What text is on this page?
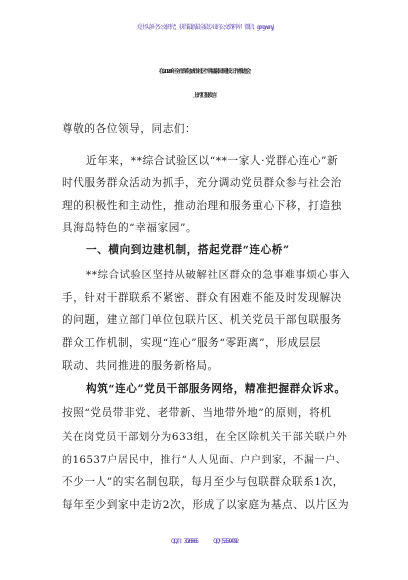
关注头条号"公文研究"，获得最新最全最专业的公文资料库！ 微信：gongwenyj
在2024年全市深化城市社区“幸福家园”建设工作推进会
上的汇报发言
尊敬的各位领导，同志们：
近年来，**综合试验区以“**一家人·党群心连心”新
时代服务群众活动为抓手，充分调动党员群众参与社会治
理的积极性和主动性，推动治理和服务重心下移，打造独
具海岛特色的“幸福家园”。
一、横向到边建机制，搭起党群“连心桥”
**综合试验区坚持从破解社区群众的急事难事烦心事入
手，针对干群联系不紧密、群众有困难不能及时发现解决
的问题，建立部门单位包联片区、机关党员干部包联服务
群众工作机制，实现“连心”服务“零距离”，形成层层
联动、共同推进的服务新格局。
构筑“连心”党员干部服务网络，精准把握群众诉求。
按照“党员带非党、老带新、当地带外地”的原则，将机
关在岗党员干部划分为633组，在全区除机关干部关联户外
的16537户居民中，推行“人人见面、户户到家，不漏一户、
不少一人”的实名制包联，每月至少与包联群众联系1次，
每年至少到家中走访2次，形成了以家庭为基点、以片区为
QQ群：30265665	QQ号:535304092
